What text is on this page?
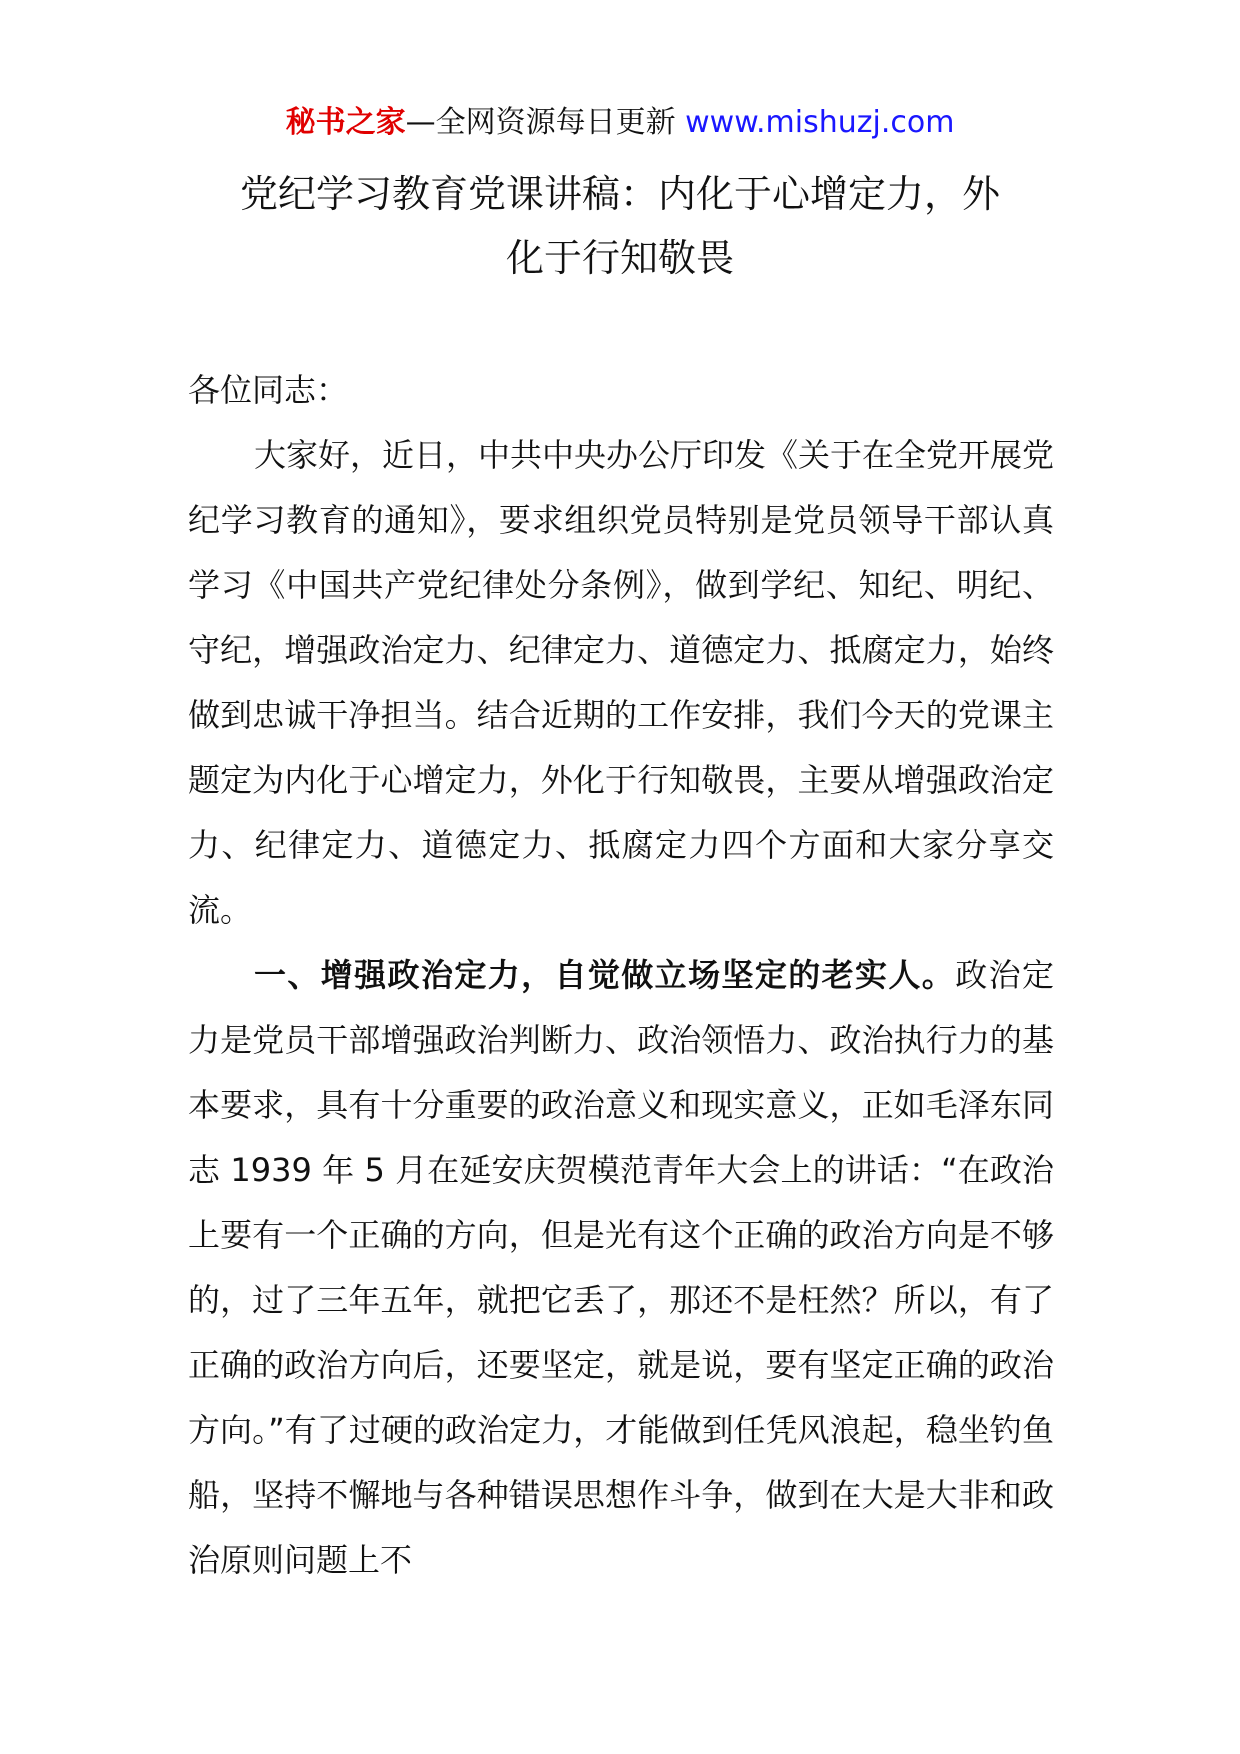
秘书之家—全网资源每日更新 www.mishuzj.com
党纪学习教育党课讲稿：内化于心增定力，外
化于行知敬畏

各位同志：

大家好，近日，中共中央办公厅印发《关于在全党开展党纪学习教育的通知》，要求组织党员特别是党员领导干部认真学习《中国共产党纪律处分条例》，做到学纪、知纪、明纪、守纪，增强政治定力、纪律定力、道德定力、抵腐定力，始终做到忠诚干净担当。结合近期的工作安排，我们今天的党课主题定为内化于心增定力，外化于行知敬畏，主要从增强政治定力、纪律定力、道德定力、抵腐定力四个方面和大家分享交流。

一、增强政治定力，自觉做立场坚定的老实人。政治定力是党员干部增强政治判断力、政治领悟力、政治执行力的基本要求，具有十分重要的政治意义和现实意义，正如毛泽东同志 1939 年 5 月在延安庆贺模范青年大会上的讲话：“在政治上要有一个正确的方向，但是光有这个正确的政治方向是不够的，过了三年五年，就把它丢了，那还不是枉然？所以，有了正确的政治方向后，还要坚定，就是说，要有坚定正确的政治方向。”有了过硬的政治定力，才能做到任凭风浪起，稳坐钓鱼船，坚持不懈地与各种错误思想作斗争，做到在大是大非和政治原则问题上不
